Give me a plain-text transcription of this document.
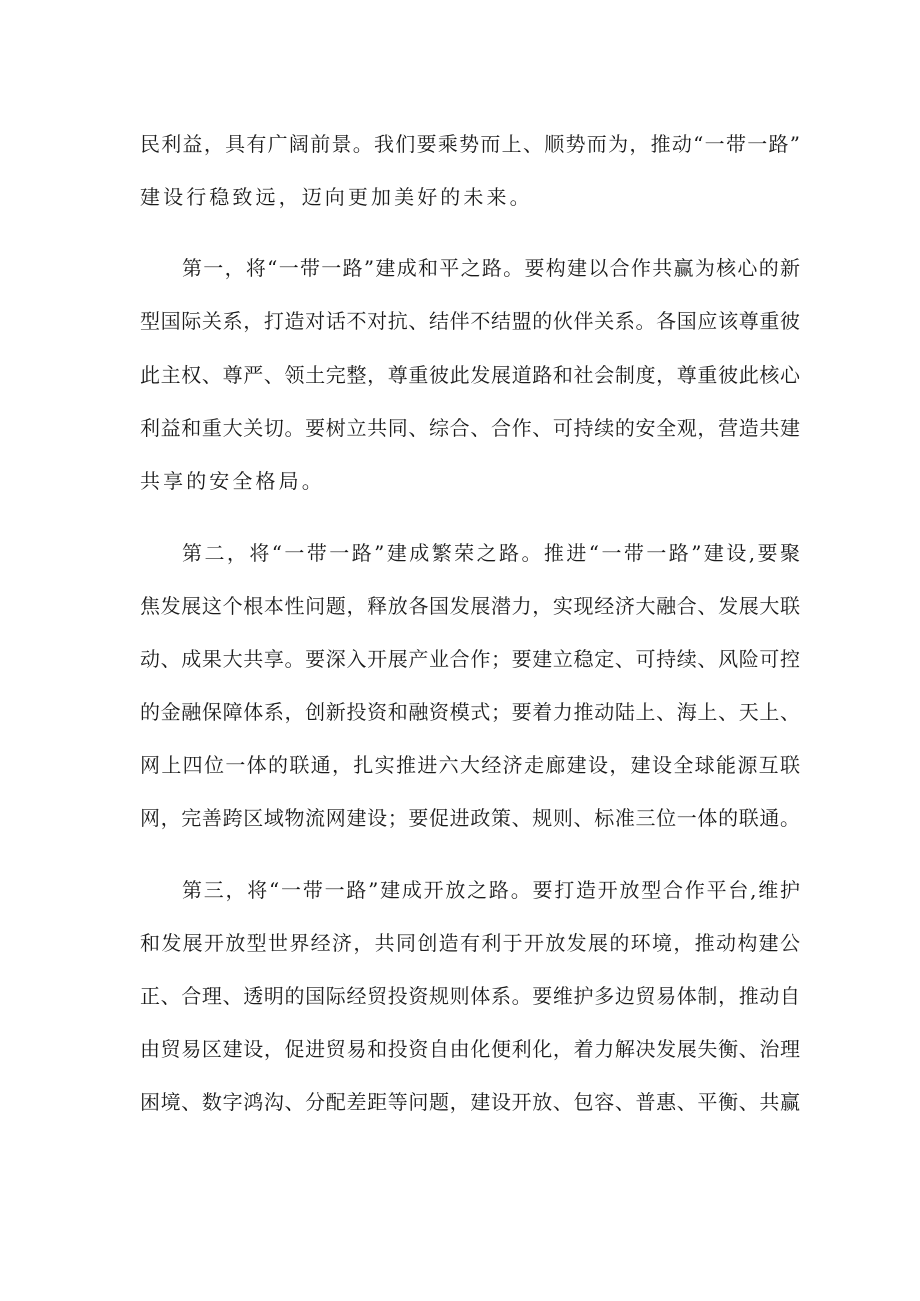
民利益，具有广阔前景。我们要乘势而上、顺势而为，推动“一带一路”
建设行稳致远，迈向更加美好的未来。
第一，将“一带一路”建成和平之路。要构建以合作共赢为核心的新
型国际关系，打造对话不对抗、结伴不结盟的伙伴关系。各国应该尊重彼
此主权、尊严、领土完整，尊重彼此发展道路和社会制度，尊重彼此核心
利益和重大关切。要树立共同、综合、合作、可持续的安全观，营造共建
共享的安全格局。
第二，将“一带一路”建成繁荣之路。推进“一带一路”建设,要聚
焦发展这个根本性问题，释放各国发展潜力，实现经济大融合、发展大联
动、成果大共享。要深入开展产业合作；要建立稳定、可持续、风险可控
的金融保障体系，创新投资和融资模式；要着力推动陆上、海上、天上、
网上四位一体的联通，扎实推进六大经济走廊建设，建设全球能源互联
网，完善跨区域物流网建设；要促进政策、规则、标准三位一体的联通。
第三，将“一带一路”建成开放之路。要打造开放型合作平台,维护
和发展开放型世界经济，共同创造有利于开放发展的环境，推动构建公
正、合理、透明的国际经贸投资规则体系。要维护多边贸易体制，推动自
由贸易区建设，促进贸易和投资自由化便利化，着力解决发展失衡、治理
困境、数字鸿沟、分配差距等问题，建设开放、包容、普惠、平衡、共赢
